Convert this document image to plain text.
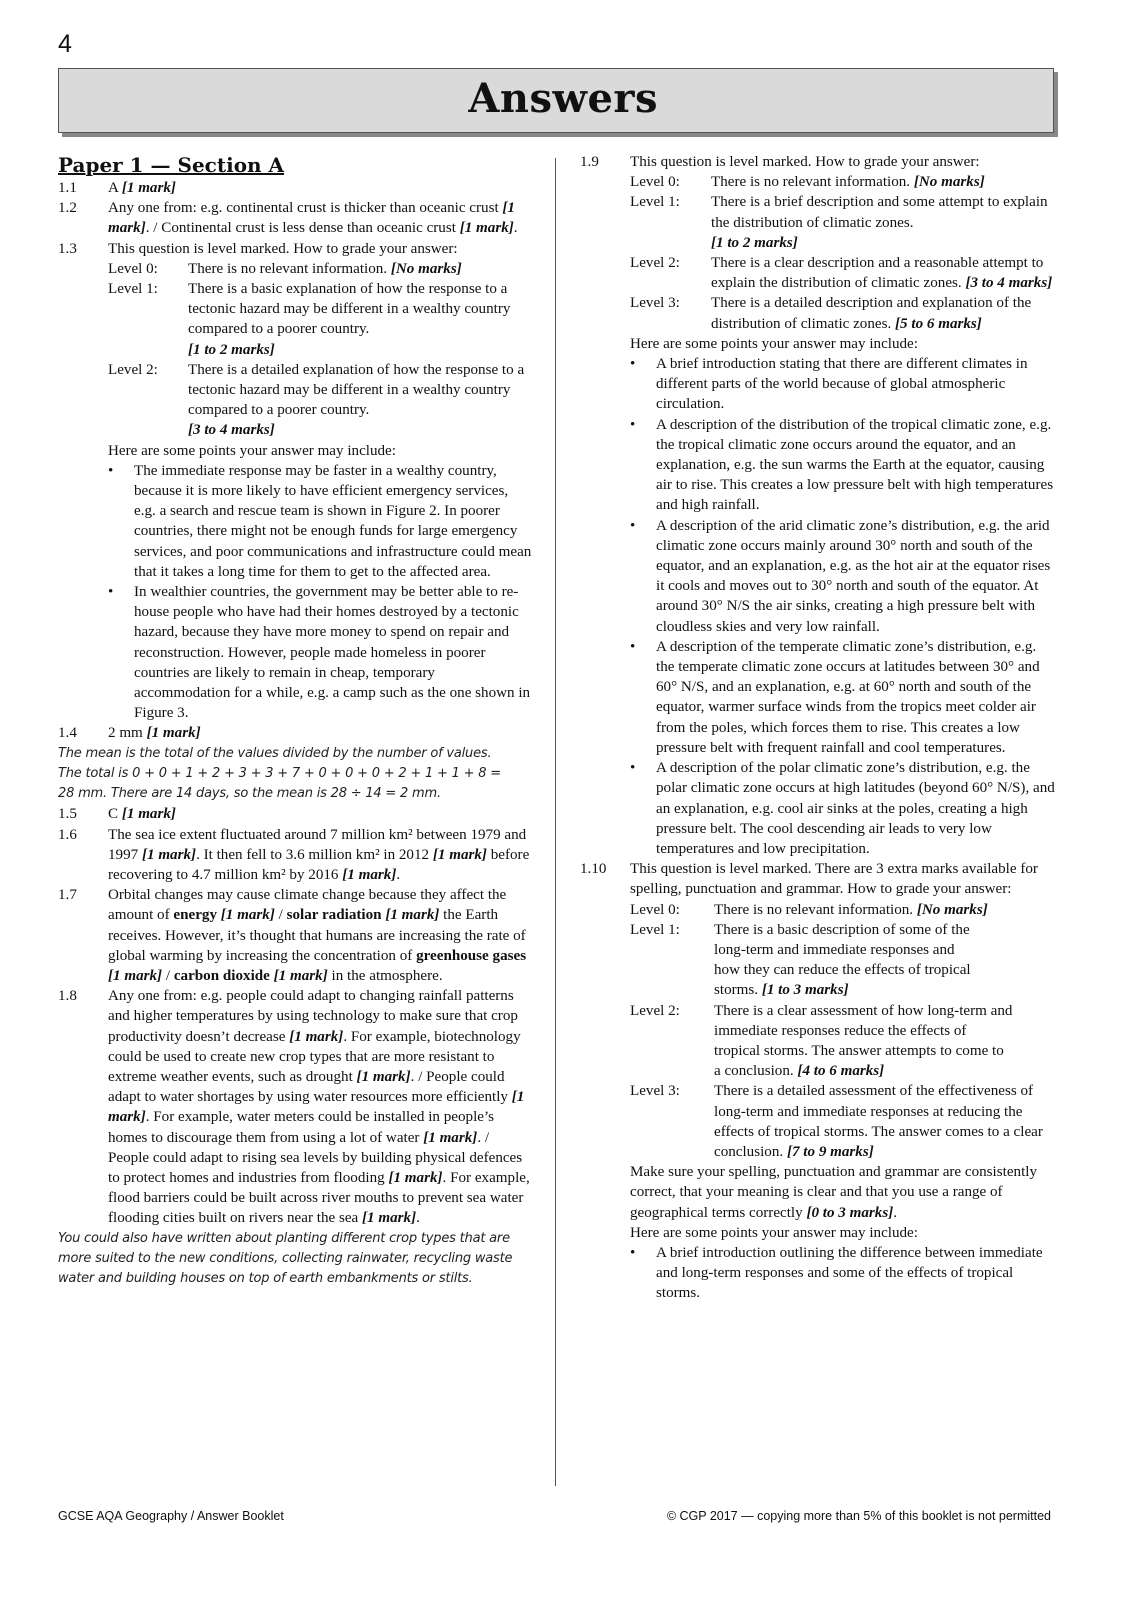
4
Answers
Paper 1 — Section A
1.1	A [1 mark]
1.2	Any one from: e.g. continental crust is thicker than oceanic crust [1 mark]. / Continental crust is less dense than oceanic crust [1 mark].
1.3	This question is level marked. How to grade your answer:
Level 0:	There is no relevant information. [No marks]
Level 1:	There is a basic explanation of how the response to a tectonic hazard may be different in a wealthy country compared to a poorer country.
[1 to 2 marks]
Level 2:	There is a detailed explanation of how the response to a tectonic hazard may be different in a wealthy country compared to a poorer country.
[3 to 4 marks]
Here are some points your answer may include:
•	The immediate response may be faster in a wealthy country, because it is more likely to have efficient emergency services, e.g. a search and rescue team is shown in Figure 2. In poorer countries, there might not be enough funds for large emergency services, and poor communications and infrastructure could mean that it takes a long time for them to get to the affected area.
•	In wealthier countries, the government may be better able to re-house people who have had their homes destroyed by a tectonic hazard, because they have more money to spend on repair and reconstruction. However, people made homeless in poorer countries are likely to remain in cheap, temporary accommodation for a while, e.g. a camp such as the one shown in Figure 3.
1.4	2 mm [1 mark]
The mean is the total of the values divided by the number of values.
The total is 0 + 0 + 1 + 2 + 3 + 3 + 7 + 0 + 0 + 0 + 2 + 1 + 1 + 8 =
28 mm. There are 14 days, so the mean is 28 ÷ 14 = 2 mm.
1.5	C [1 mark]
1.6	The sea ice extent fluctuated around 7 million km² between 1979 and 1997 [1 mark]. It then fell to 3.6 million km² in 2012 [1 mark] before recovering to 4.7 million km² by 2016 [1 mark].
1.7	Orbital changes may cause climate change because they affect the amount of energy [1 mark] / solar radiation [1 mark] the Earth receives. However, it’s thought that humans are increasing the rate of global warming by increasing the concentration of greenhouse gases [1 mark] / carbon dioxide [1 mark] in the atmosphere.
1.8	Any one from: e.g. people could adapt to changing rainfall patterns and higher temperatures by using technology to make sure that crop productivity doesn’t decrease [1 mark]. For example, biotechnology could be used to create new crop types that are more resistant to extreme weather events, such as drought [1 mark]. / People could adapt to water shortages by using water resources more efficiently [1 mark]. For example, water meters could be installed in people’s homes to discourage them from using a lot of water [1 mark]. / People could adapt to rising sea levels by building physical defences to protect homes and industries from flooding [1 mark]. For example, flood barriers could be built across river mouths to prevent sea water flooding cities built on rivers near the sea [1 mark].
You could also have written about planting different crop types that are more suited to the new conditions, collecting rainwater, recycling waste water and building houses on top of earth embankments or stilts.
1.9	This question is level marked. How to grade your answer:
Level 0:	There is no relevant information. [No marks]
Level 1:	There is a brief description and some attempt to explain the distribution of climatic zones.
[1 to 2 marks]
Level 2:	There is a clear description and a reasonable attempt to explain the distribution of climatic zones. [3 to 4 marks]
Level 3:	There is a detailed description and explanation of the distribution of climatic zones. [5 to 6 marks]
Here are some points your answer may include:
•	A brief introduction stating that there are different climates in different parts of the world because of global atmospheric circulation.
•	A description of the distribution of the tropical climatic zone, e.g. the tropical climatic zone occurs around the equator, and an explanation, e.g. the sun warms the Earth at the equator, causing air to rise. This creates a low pressure belt with high temperatures and high rainfall.
•	A description of the arid climatic zone’s distribution, e.g. the arid climatic zone occurs mainly around 30° north and south of the equator, and an explanation, e.g. as the hot air at the equator rises it cools and moves out to 30° north and south of the equator. At around 30° N/S the air sinks, creating a high pressure belt with cloudless skies and very low rainfall.
•	A description of the temperate climatic zone’s distribution, e.g. the temperate climatic zone occurs at latitudes between 30° and 60° N/S, and an explanation, e.g. at 60° north and south of the equator, warmer surface winds from the tropics meet colder air from the poles, which forces them to rise. This creates a low pressure belt with frequent rainfall and cool temperatures.
•	A description of the polar climatic zone’s distribution, e.g. the polar climatic zone occurs at high latitudes (beyond 60° N/S), and an explanation, e.g. cool air sinks at the poles, creating a high pressure belt. The cool descending air leads to very low temperatures and low precipitation.
1.10	This question is level marked. There are 3 extra marks available for spelling, punctuation and grammar. How to grade your answer:
Level 0:	There is no relevant information. [No marks]
Level 1:	There is a basic description of some of the long-term and immediate responses and how they can reduce the effects of tropical storms. [1 to 3 marks]
Level 2:	There is a clear assessment of how long-term and immediate responses reduce the effects of tropical storms. The answer attempts to come to a conclusion. [4 to 6 marks]
Level 3:	There is a detailed assessment of the effectiveness of long-term and immediate responses at reducing the effects of tropical storms. The answer comes to a clear conclusion. [7 to 9 marks]
Make sure your spelling, punctuation and grammar are consistently correct, that your meaning is clear and that you use a range of geographical terms correctly [0 to 3 marks].
Here are some points your answer may include:
•	A brief introduction outlining the difference between immediate and long-term responses and some of the effects of tropical storms.
GCSE AQA Geography / Answer Booklet	© CGP 2017 — copying more than 5% of this booklet is not permitted
